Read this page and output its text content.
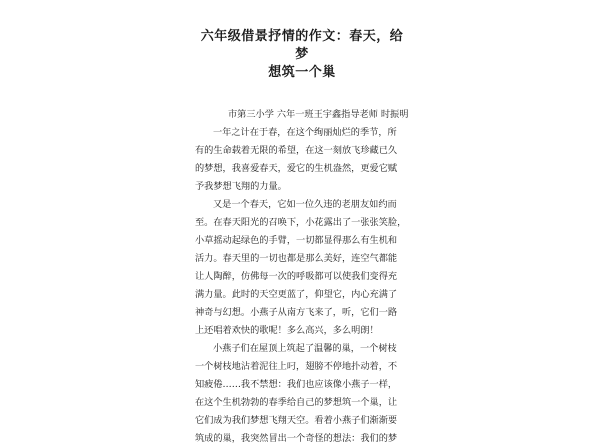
六年级借景抒情的作文：春天，给梦
想筑一个巢

市第三小学 六年一班王宇鑫指导老师 时振明

一年之计在于春，在这个绚丽灿烂的季节，所
有的生命载着无限的希望，在这一刻放飞珍藏已久
的梦想，我喜爱春天，爱它的生机盎然，更爱它赋
予我梦想飞翔的力量。
又是一个春天，它如一位久违的老朋友如约而
至。在春天阳光的召唤下，小花露出了一张张笑脸，
小草摇动起绿色的手臂，一切都显得那么有生机和
活力。春天里的一切也都是那么美好，连空气都能
让人陶醉，仿佛每一次的呼吸都可以使我们变得充
满力量。此时的天空更蓝了，仰望它，内心充满了
神奇与幻想。小燕子从南方飞来了，听，它们一路
上还唱着欢快的歌呢！多么高兴，多么明朗！
小燕子们在屋顶上筑起了温馨的巢，一个树枝
一个树枝地沾着泥往上叼，翅膀不停地扑动着，不
知疲倦……我不禁想：我们也应该像小燕子一样，
在这个生机勃勃的春季给自己的梦想筑一个巢，让
它们成为我们梦想飞翔天空。看着小燕子们渐渐要
筑成的巢，我突然冒出一个奇怪的想法：我们的梦
